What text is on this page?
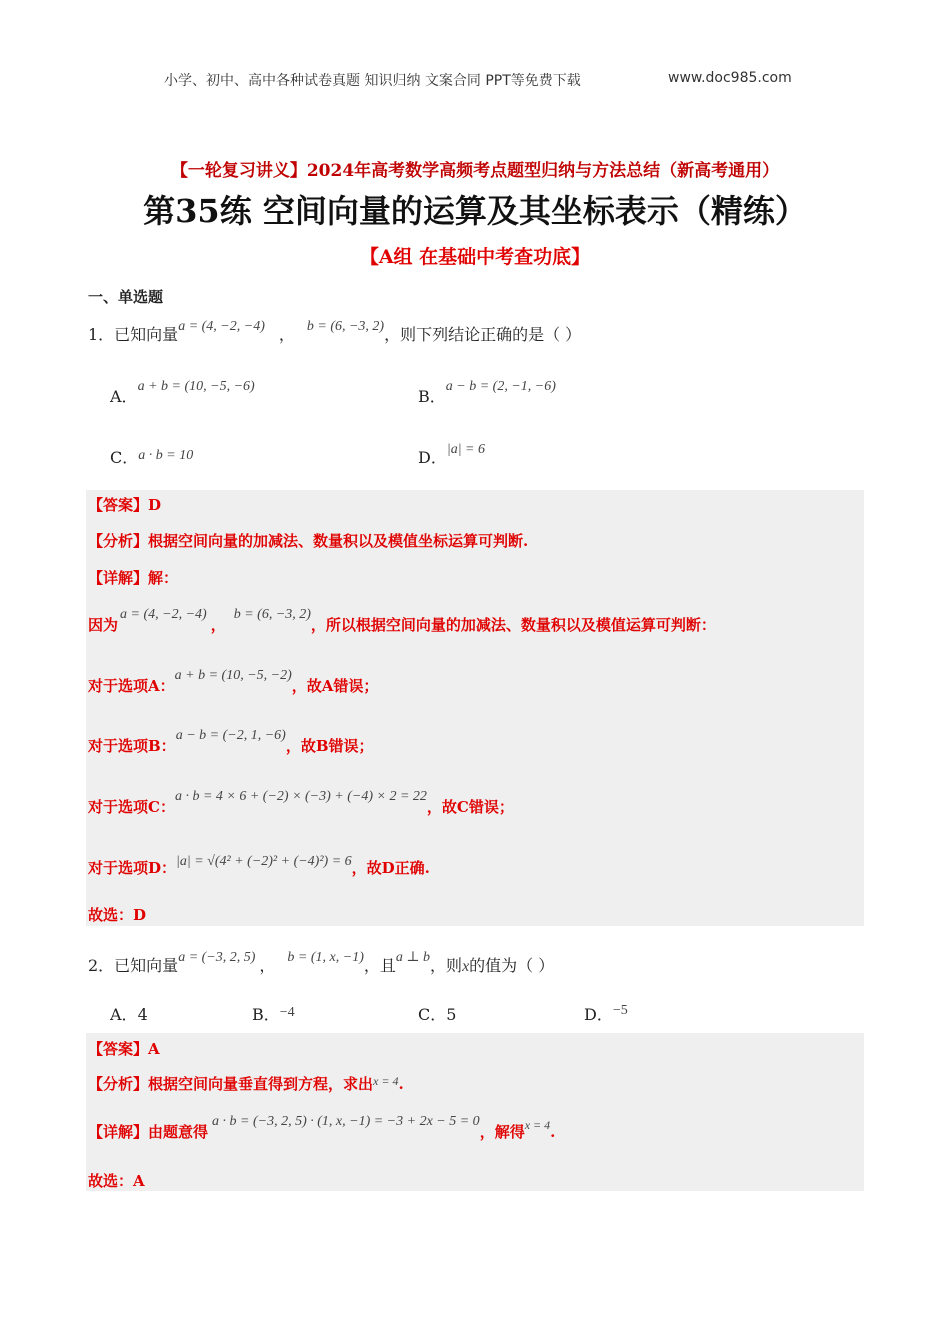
小学、初中、高中各种试卷真题 知识归纳 文案合同 PPT等免费下载	www.doc985.com
【一轮复习讲义】2024年高考数学高频考点题型归纳与方法总结（新高考通用）
第35练 空间向量的运算及其坐标表示（精练）
【A组 在基础中考查功底】
一、单选题
1．已知向量a = (4, −2, −4) ， b = (6, −3, 2)，则下列结论正确的是（ ）
A．a + b = (10, −5, −6)
B．a − b = (2, −1, −6)
C．a · b = 10	D．|a| = 6
【答案】D
【分析】根据空间向量的加减法、数量积以及模值坐标运算可判断.
【详解】解：
因为a = (4, −2, −4)，b = (6, −3, 2)，所以根据空间向量的加减法、数量积以及模值运算可判断：
对于选项A：a + b = (10, −5, −2)，故A错误；
对于选项B：a − b = (−2, 1, −6)，故B错误；
对于选项C：a · b = 4 × 6 + (−2) × (−3) + (−4) × 2 = 22，故C错误；
对于选项D：|a| = √(4² + (−2)² + (−4)²) = 6，故D正确.
故选：D
2．已知向量a = (−3, 2, 5) ， b = (1, x, −1)，且a ⊥ b，则x的值为（ ）
A．4	B．−4	C．5	D．−5
【答案】A
【分析】根据空间向量垂直得到方程，求出$^{x = 4}$.
【详解】由题意得a · b = (−3, 2, 5) · (1, x, −1) = −3 + 2x − 5 = 0，解得$^{x = 4}$.
故选：A
